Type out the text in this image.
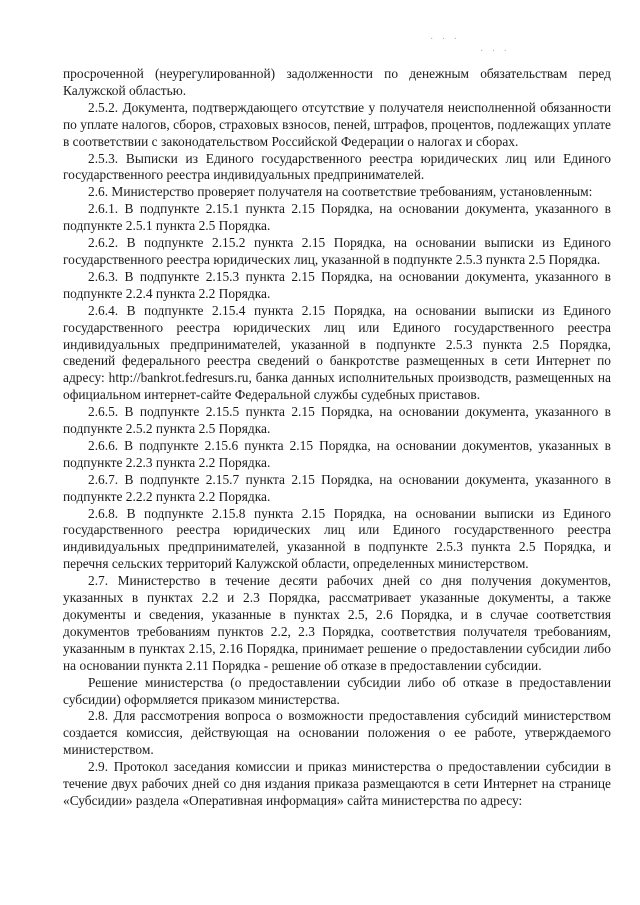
· · ·
· · ·

просроченной (неурегулированной) задолженности по денежным обязательствам перед Калужской областью.

2.5.2. Документа, подтверждающего отсутствие у получателя неисполненной обязанности по уплате налогов, сборов, страховых взносов, пеней, штрафов, процентов, подлежащих уплате в соответствии с законодательством Российской Федерации о налогах и сборах.

2.5.3. Выписки из Единого государственного реестра юридических лиц или Единого государственного реестра индивидуальных предпринимателей.

2.6. Министерство проверяет получателя на соответствие требованиям, установленным:

2.6.1. В подпункте 2.15.1 пункта 2.15 Порядка, на основании документа, указанного в подпункте 2.5.1 пункта 2.5 Порядка.

2.6.2. В подпункте 2.15.2 пункта 2.15 Порядка, на основании выписки из Единого государственного реестра юридических лиц, указанной в подпункте 2.5.3 пункта 2.5 Порядка.

2.6.3. В подпункте 2.15.3 пункта 2.15 Порядка, на основании документа, указанного в подпункте 2.2.4 пункта 2.2 Порядка.

2.6.4. В подпункте 2.15.4 пункта 2.15 Порядка, на основании выписки из Единого государственного реестра юридических лиц или Единого государственного реестра индивидуальных предпринимателей, указанной в подпункте 2.5.3 пункта 2.5 Порядка, сведений федерального реестра сведений о банкротстве размещенных в сети Интернет по адресу: http://bankrot.fedresurs.ru, банка данных исполнительных производств, размещенных на официальном интернет-сайте Федеральной службы судебных приставов.

2.6.5. В подпункте 2.15.5 пункта 2.15 Порядка, на основании документа, указанного в подпункте 2.5.2 пункта 2.5 Порядка.

2.6.6. В подпункте 2.15.6 пункта 2.15 Порядка, на основании документов, указанных в подпункте 2.2.3 пункта 2.2 Порядка.

2.6.7. В подпункте 2.15.7 пункта 2.15 Порядка, на основании документа, указанного в подпункте 2.2.2 пункта 2.2 Порядка.

2.6.8. В подпункте 2.15.8 пункта 2.15 Порядка, на основании выписки из Единого государственного реестра юридических лиц или Единого государственного реестра индивидуальных предпринимателей, указанной в подпункте 2.5.3 пункта 2.5 Порядка, и перечня сельских территорий Калужской области, определенных министерством.

2.7. Министерство в течение десяти рабочих дней со дня получения документов, указанных в пунктах 2.2 и 2.3 Порядка, рассматривает указанные документы, а также документы и сведения, указанные в пунктах 2.5, 2.6 Порядка, и в случае соответствия документов требованиям пунктов 2.2, 2.3 Порядка, соответствия получателя требованиям, указанным в пунктах 2.15, 2.16 Порядка, принимает решение о предоставлении субсидии либо на основании пункта 2.11 Порядка - решение об отказе в предоставлении субсидии.

Решение министерства (о предоставлении субсидии либо об отказе в предоставлении субсидии) оформляется приказом министерства.

2.8. Для рассмотрения вопроса о возможности предоставления субсидий министерством создается комиссия, действующая на основании положения о ее работе, утверждаемого министерством.

2.9. Протокол заседания комиссии и приказ министерства о предоставлении субсидии в течение двух рабочих дней со дня издания приказа размещаются в сети Интернет на странице «Субсидии» раздела «Оперативная информация» сайта министерства по адресу:
